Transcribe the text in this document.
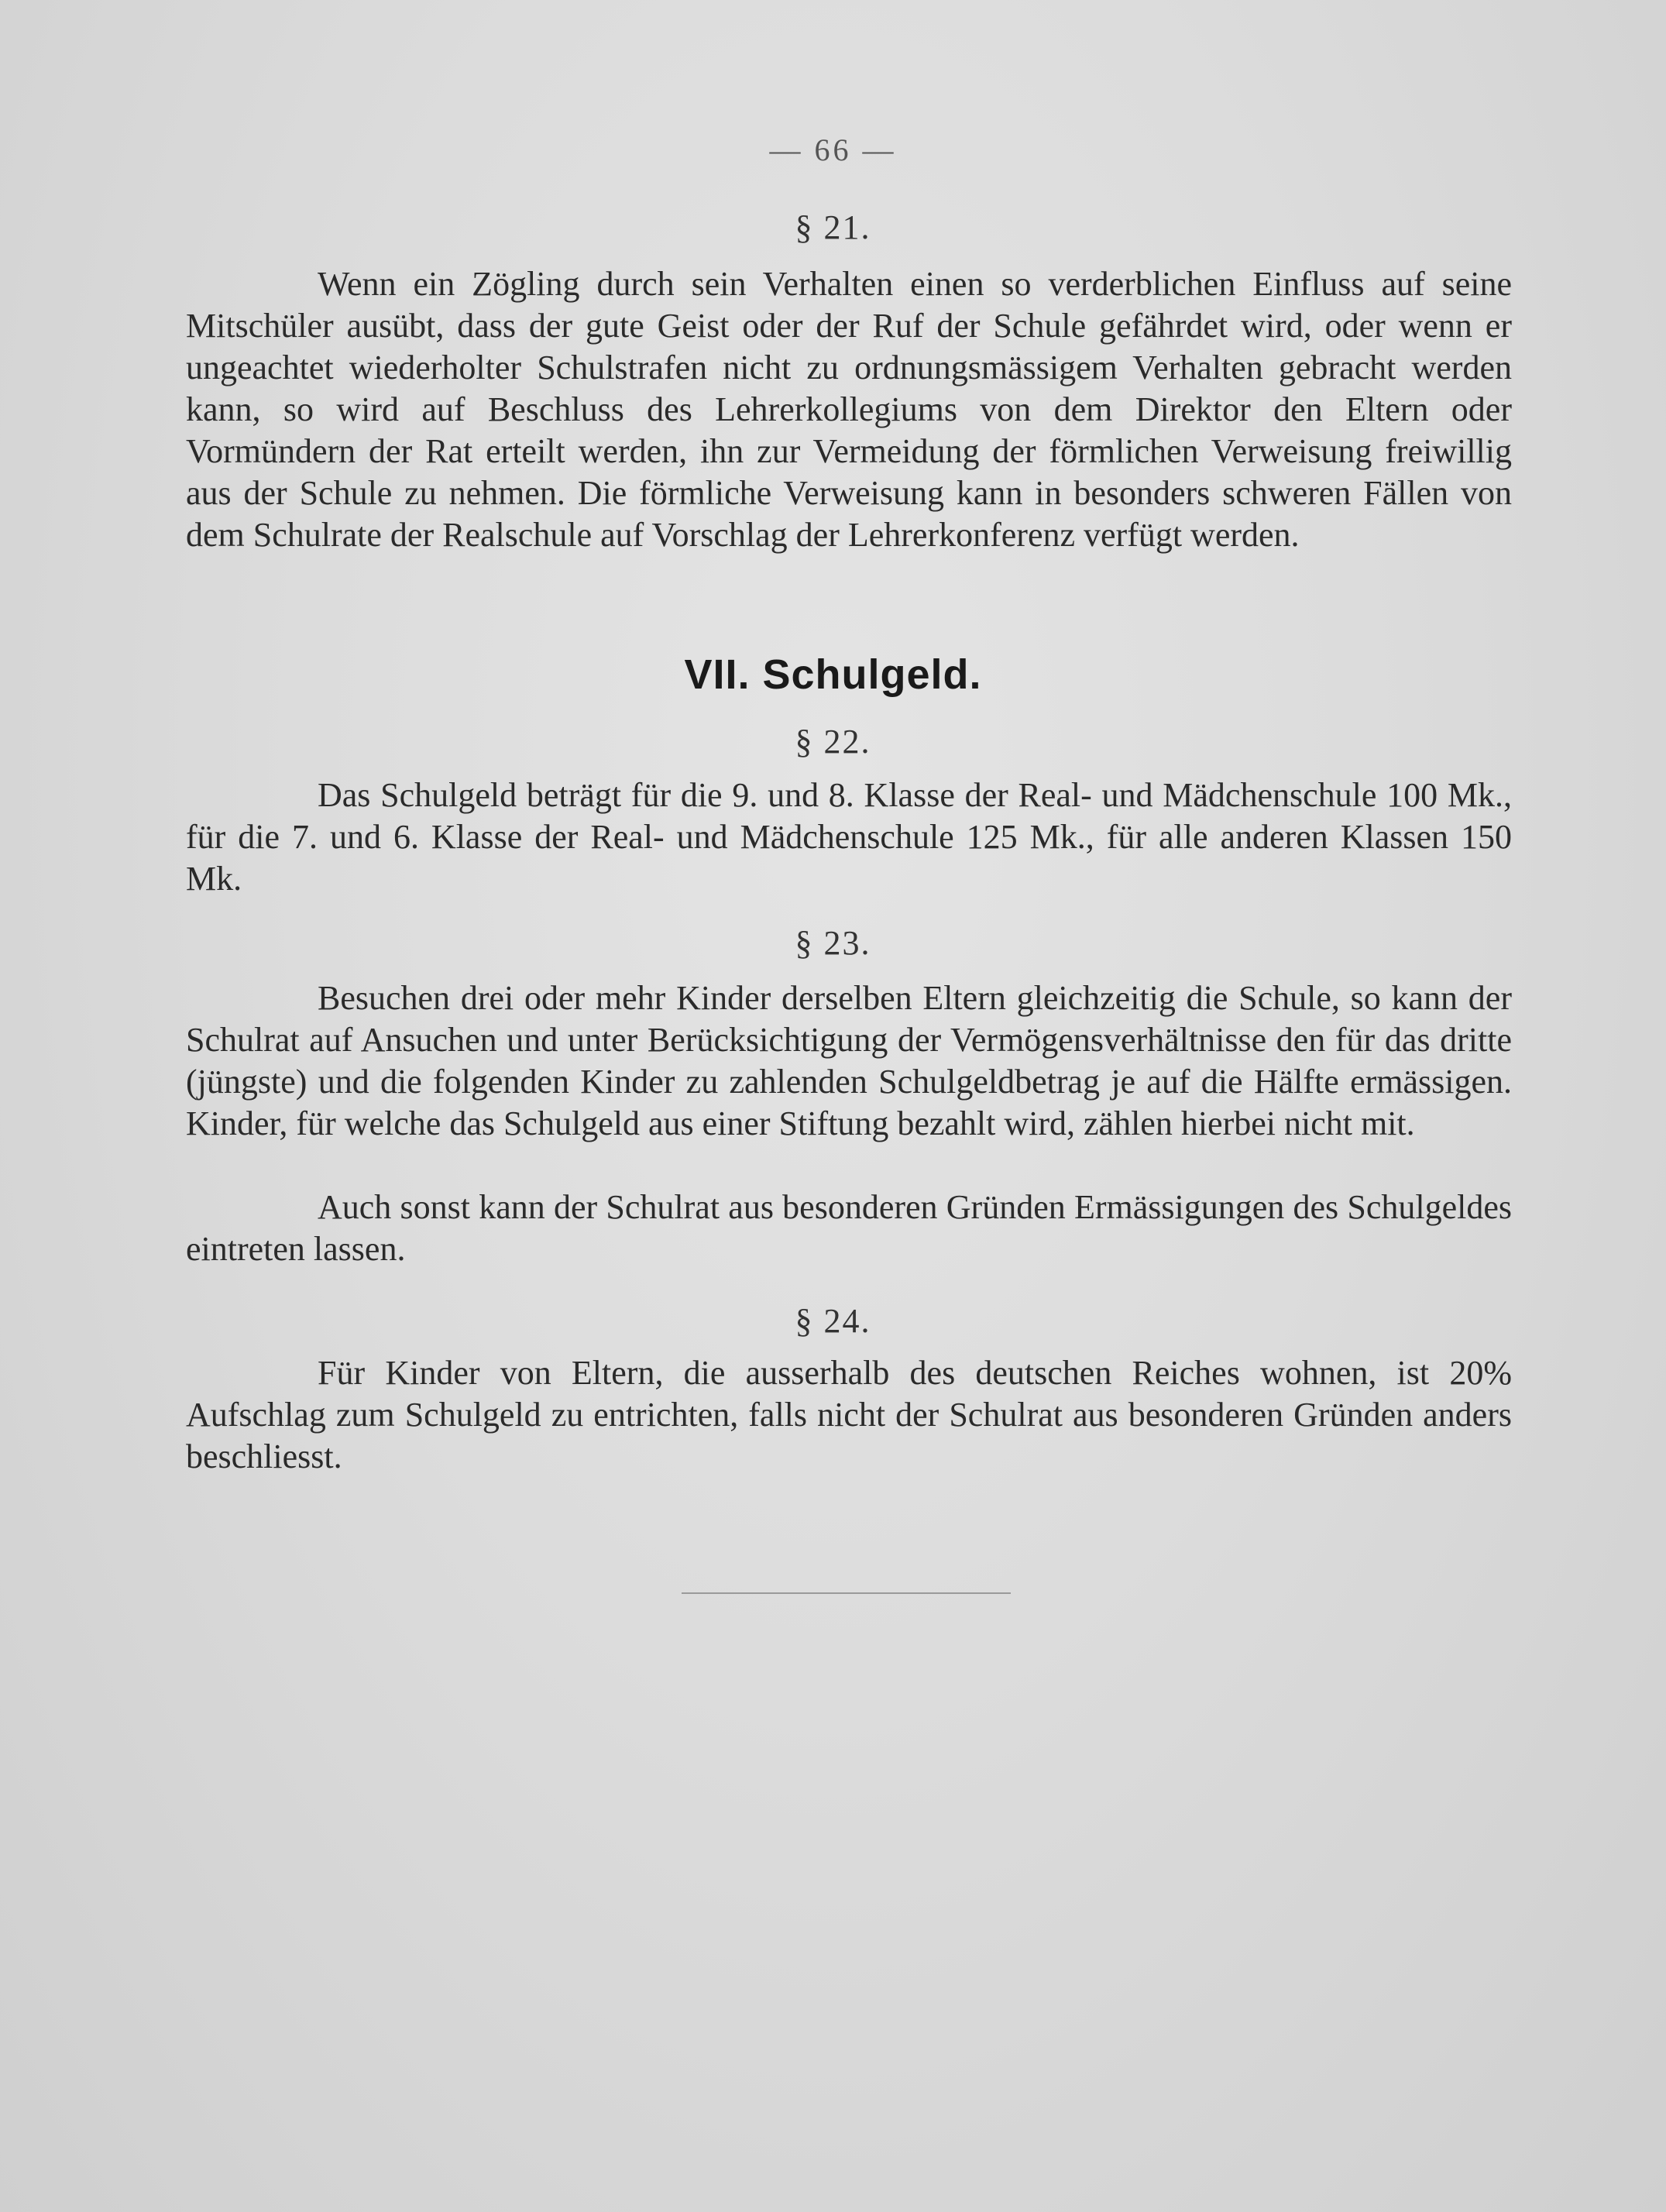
— 66 —
§ 21.

Wenn ein Zögling durch sein Verhalten einen so verderblichen Einfluss auf seine Mitschüler ausübt, dass der gute Geist oder der Ruf der Schule gefährdet wird, oder wenn er ungeachtet wiederholter Schulstrafen nicht zu ordnungsmässigem Verhalten gebracht werden kann, so wird auf Beschluss des Lehrerkollegiums von dem Direktor den Eltern oder Vormündern der Rat erteilt werden, ihn zur Vermeidung der förmlichen Verweisung freiwillig aus der Schule zu nehmen. Die förmliche Verweisung kann in besonders schweren Fällen von dem Schulrate der Realschule auf Vorschlag der Lehrerkonferenz verfügt werden.

VII. Schulgeld.
§ 22.

Das Schulgeld beträgt für die 9. und 8. Klasse der Real- und Mädchenschule 100 Mk., für die 7. und 6. Klasse der Real- und Mädchenschule 125 Mk., für alle anderen Klassen 150 Mk.

§ 23.

Besuchen drei oder mehr Kinder derselben Eltern gleichzeitig die Schule, so kann der Schulrat auf Ansuchen und unter Berücksichtigung der Vermögensverhältnisse den für das dritte (jüngste) und die folgenden Kinder zu zahlenden Schulgeldbetrag je auf die Hälfte ermässigen. Kinder, für welche das Schulgeld aus einer Stiftung bezahlt wird, zählen hierbei nicht mit.

Auch sonst kann der Schulrat aus besonderen Gründen Ermässigungen des Schulgeldes eintreten lassen.

§ 24.

Für Kinder von Eltern, die ausserhalb des deutschen Reiches wohnen, ist 20% Aufschlag zum Schulgeld zu entrichten, falls nicht der Schulrat aus besonderen Gründen anders beschliesst.
